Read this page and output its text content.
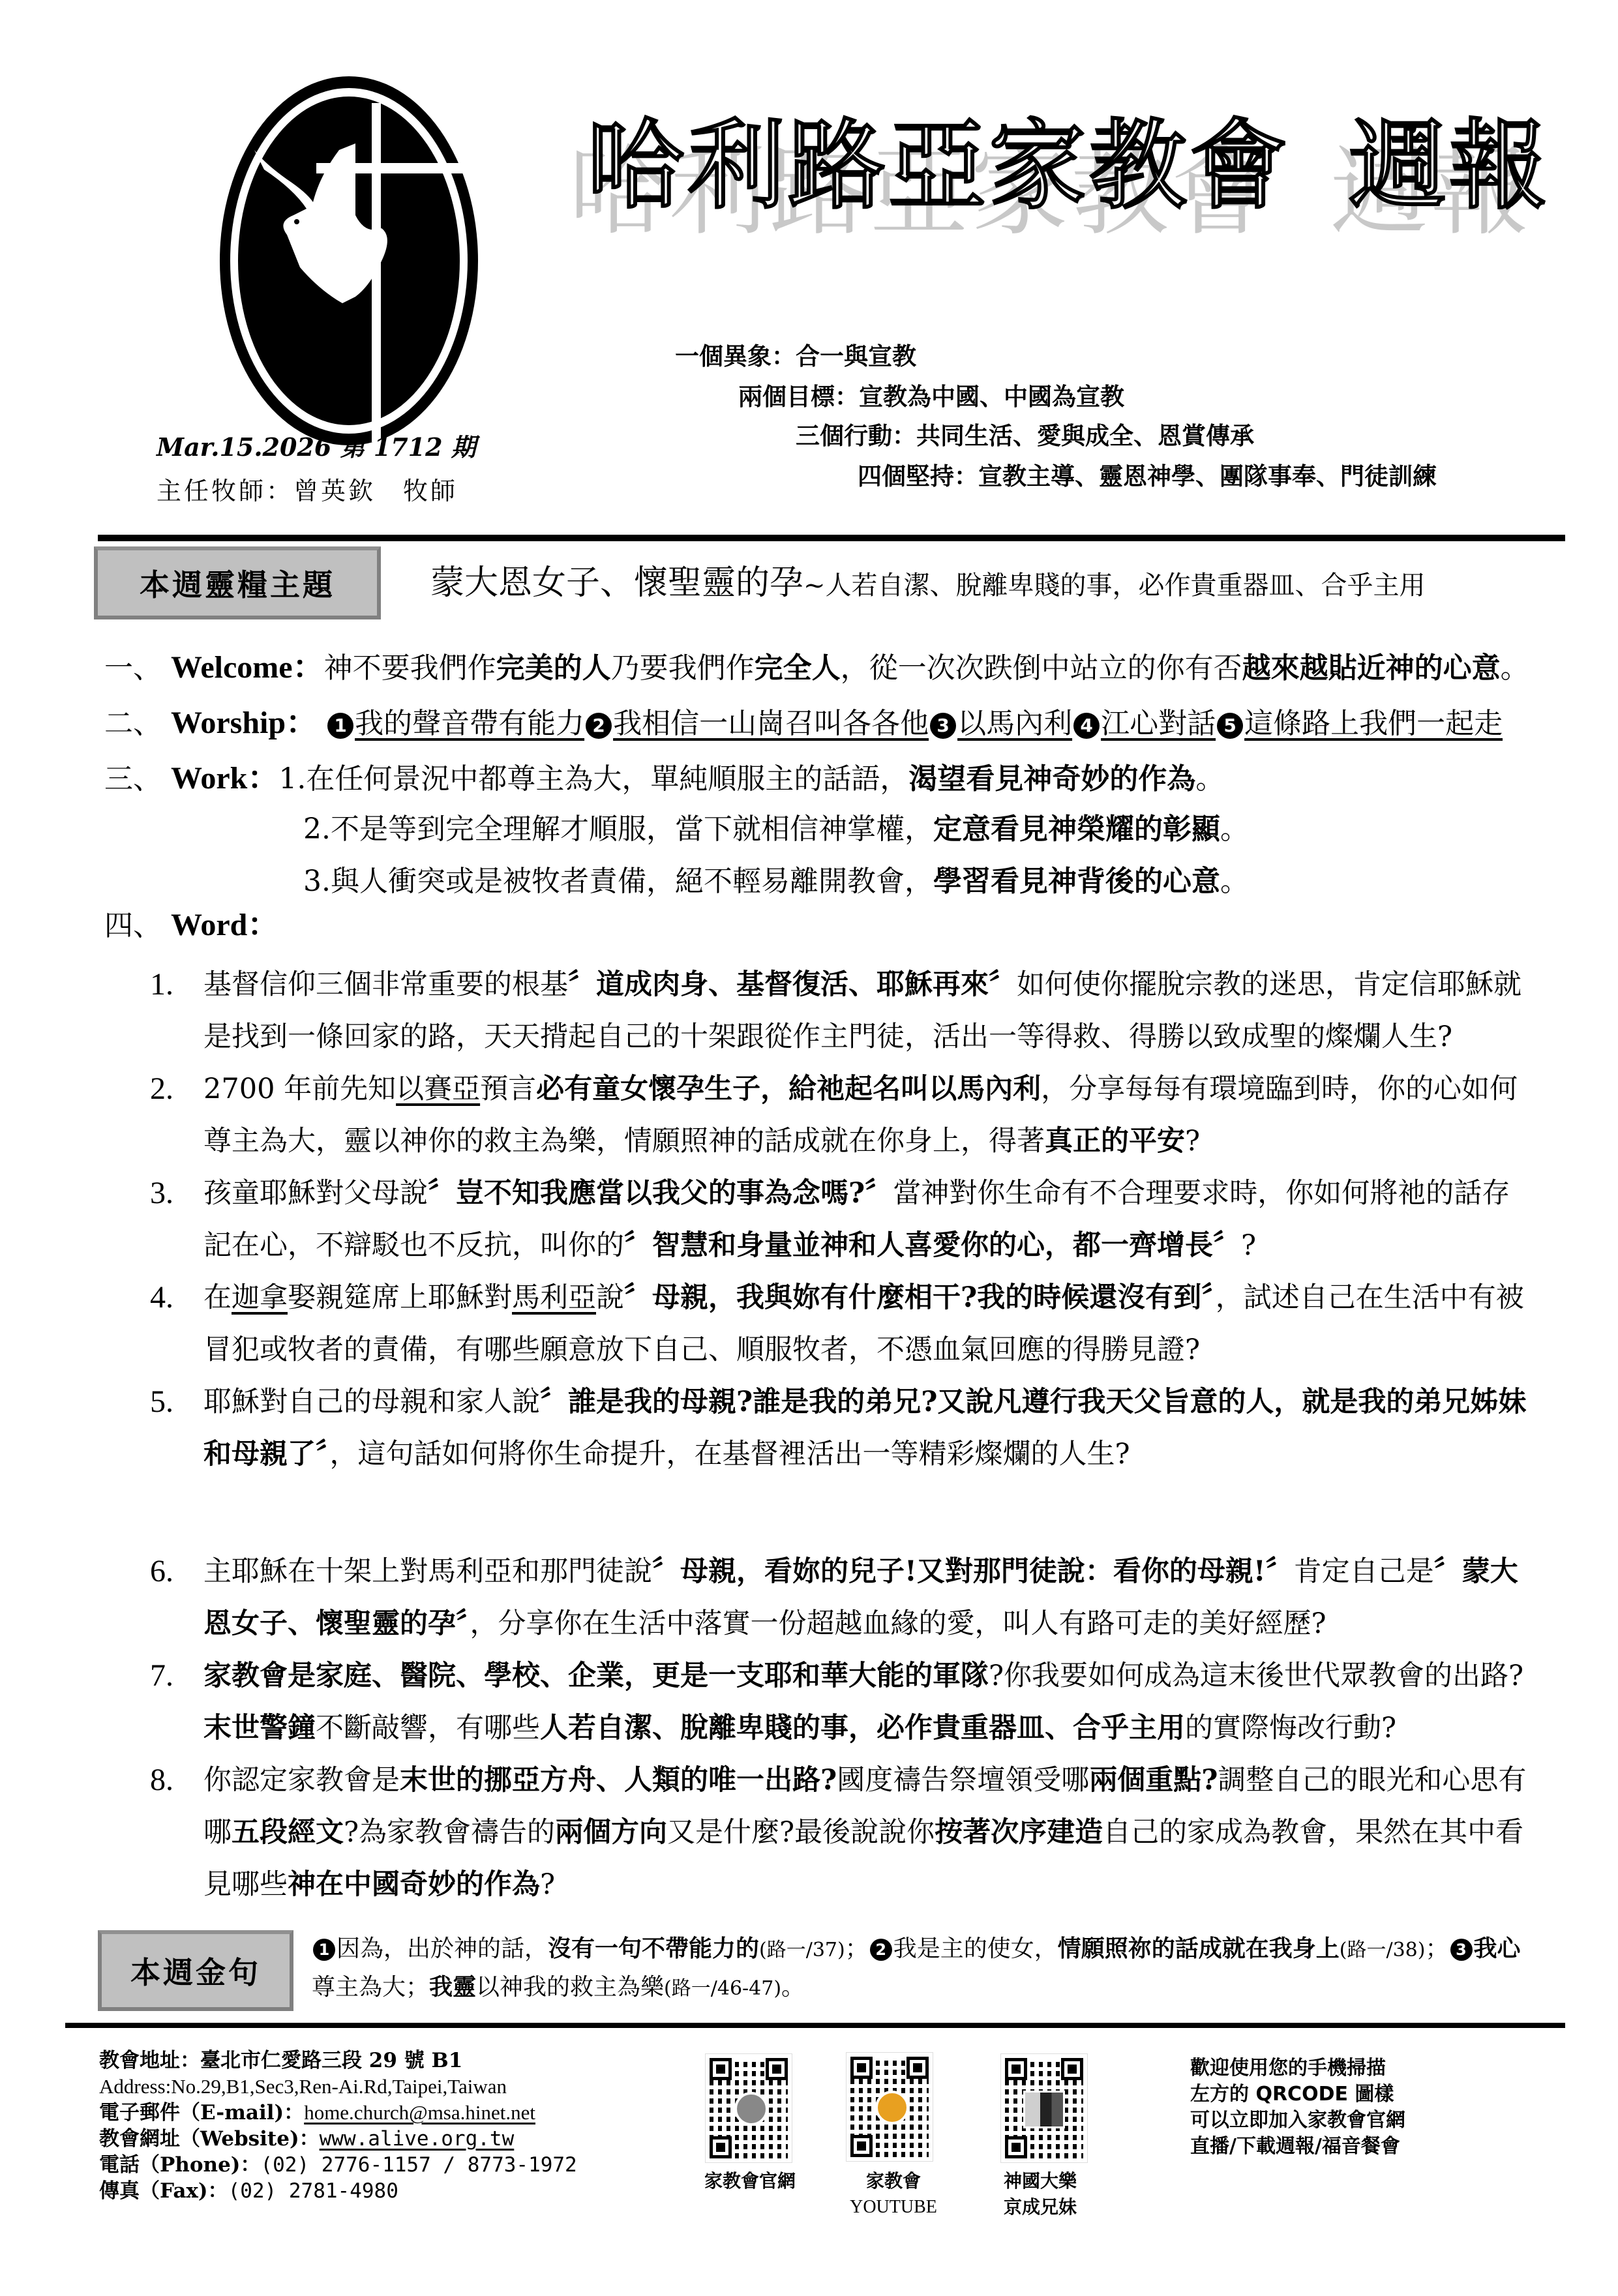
哈利路亞家教會 週報
一個異象：合一與宣教
兩個目標：宣教為中國、中國為宣教
三個行動：共同生活、愛與成全、恩賞傳承
四個堅持：宣教主導、靈恩神學、團隊事奉、門徒訓練
Mar.15.2026 第 1712 期
主任牧師：曾英欽　牧師
本週靈糧主題	蒙大恩女子、懷聖靈的孕~人若自潔、脫離卑賤的事，必作貴重器皿、合乎主用
一、 Welcome：神不要我們作完美的人乃要我們作完全人，從一次次跌倒中站立的你有否越來越貼近神的心意。
二、 Worship： 1 我的聲音帶有能力 2 我相信一山崗召叫各各他 3 以馬內利 4 江心對話 5 這條路上我們一起走
三、 Work：1.在任何景況中都尊主為大，單純順服主的話語，渴望看見神奇妙的作為。
2.不是等到完全理解才順服，當下就相信神掌權，定意看見神榮耀的彰顯。
3.與人衝突或是被牧者責備，絕不輕易離開教會，學習看見神背後的心意。
四、 Word：
1.	基督信仰三個非常重要的根基〞道成肉身、基督復活、耶穌再來〞如何使你擺脫宗教的迷思，肯定信耶穌就是找到一條回家的路，天天揹起自己的十架跟從作主門徒，活出一等得救、得勝以致成聖的燦爛人生?
2.	2700 年前先知以賽亞預言必有童女懷孕生子，給祂起名叫以馬內利，分享每每有環境臨到時，你的心如何尊主為大，靈以神你的救主為樂，情願照神的話成就在你身上，得著真正的平安?
3.	孩童耶穌對父母說〞豈不知我應當以我父的事為念嗎?〞當神對你生命有不合理要求時，你如何將祂的話存記在心，不辯駁也不反抗，叫你的〞智慧和身量並神和人喜愛你的心，都一齊增長〞?
4.	在迦拿娶親筵席上耶穌對馬利亞說〞母親，我與妳有什麼相干?我的時候還沒有到〞，試述自己在生活中有被冒犯或牧者的責備，有哪些願意放下自己、順服牧者，不憑血氣回應的得勝見證?
5.	耶穌對自己的母親和家人說〞誰是我的母親?誰是我的弟兄?又說凡遵行我天父旨意的人，就是我的弟兄姊妹和母親了〞，這句話如何將你生命提升，在基督裡活出一等精彩燦爛的人生?
6.	主耶穌在十架上對馬利亞和那門徒說〞母親，看妳的兒子!又對那門徒說：看你的母親!〞肯定自己是〞蒙大恩女子、懷聖靈的孕〞，分享你在生活中落實一份超越血緣的愛，叫人有路可走的美好經歷?
7.	家教會是家庭、醫院、學校、企業，更是一支耶和華大能的軍隊?你我要如何成為這末後世代眾教會的出路?末世警鐘不斷敲響，有哪些人若自潔、脫離卑賤的事，必作貴重器皿、合乎主用的實際悔改行動?
8.	你認定家教會是末世的挪亞方舟、人類的唯一出路?國度禱告祭壇領受哪兩個重點?調整自己的眼光和心思有哪五段經文?為家教會禱告的兩個方向又是什麼?最後說說你按著次序建造自己的家成為教會，果然在其中看見哪些神在中國奇妙的作為?
本週金句
1 因為，出於神的話，沒有一句不帶能力的(路一/37)； 2 我是主的使女，情願照祢的話成就在我身上(路一/38)； 3 我心尊主為大；我靈以神我的救主為樂(路一/46-47)。
教會地址：臺北市仁愛路三段 29 號 B1
Address:No.29,B1,Sec3,Ren-Ai.Rd,Taipei,Taiwan
電子郵件（E-mail)：home.church@msa.hinet.net
教會網址（Website)：www.alive.org.tw
電話（Phone)：(02) 2776-1157 / 8773-1972
傳真（Fax)：(02) 2781-4980	家教會官網	家教會
YOUTUBE
神國大樂
京成兄妹
歡迎使用您的手機掃描
左方的 QRCODE 圖樣
可以立即加入家教會官網
直播/下載週報/福音餐會
